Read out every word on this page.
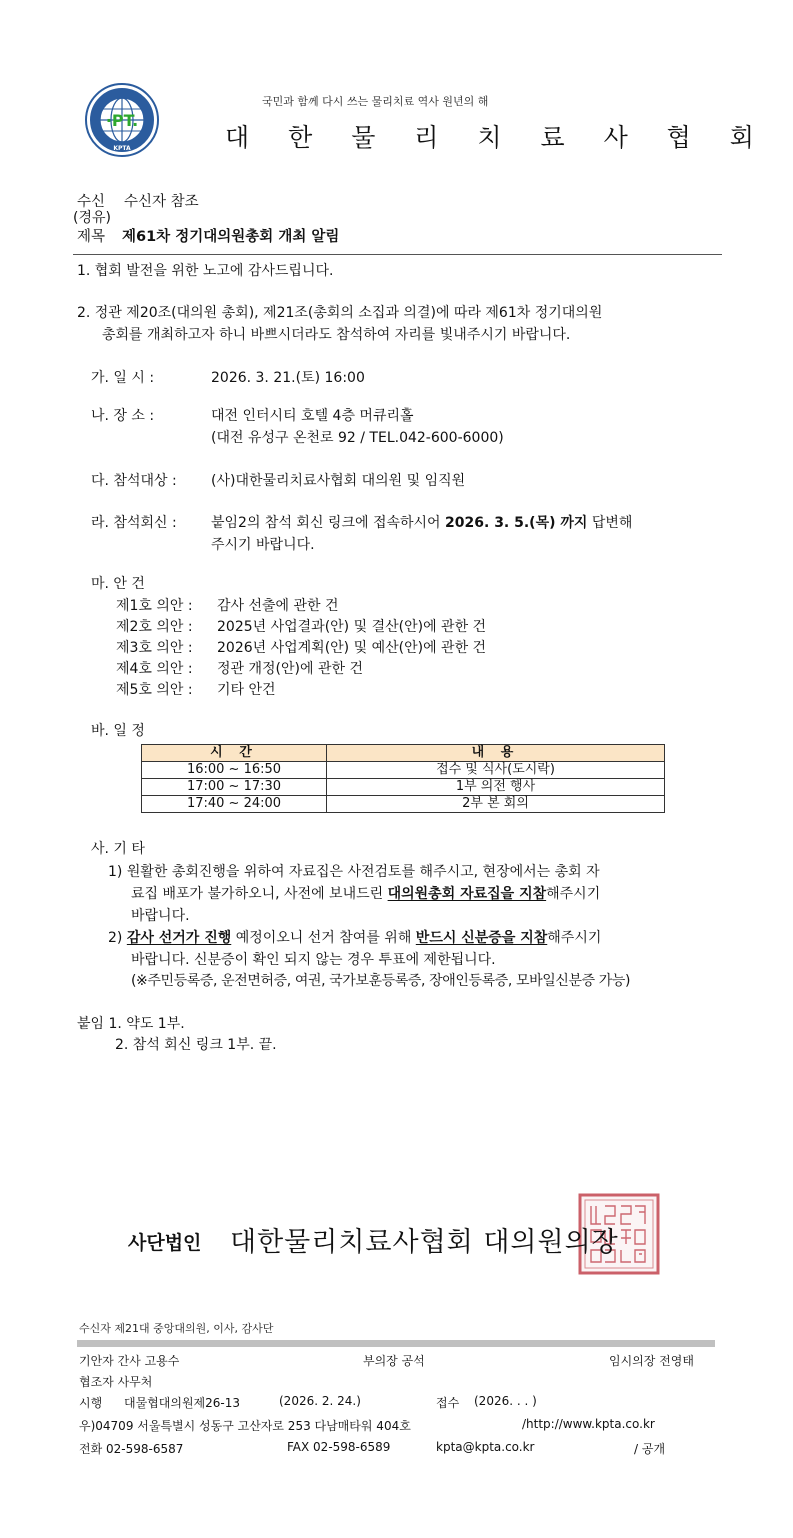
·PT.
KPTA
국민과 함께 다시 쓰는 물리치료 역사 원년의 해
대 한 물 리 치 료 사 협 회
수신 수신자 참조
(경유)
제목 제61차 정기대의원총회 개최 알림
1. 협회 발전을 위한 노고에 감사드립니다.
2. 정관 제20조(대의원 총회), 제21조(총회의 소집과 의결)에 따라 제61차 정기대의원
총회를 개최하고자 하니 바쁘시더라도 참석하여 자리를 빛내주시기 바랍니다.
가. 일 시 :	2026. 3. 21.(토) 16:00
나. 장 소 :	대전 인터시티 호텔 4층 머큐리홀
(대전 유성구 온천로 92 / TEL.042-600-6000)
다. 참석대상 : (사)대한물리치료사협회 대의원 및 임직원
라. 참석회신 : 붙임2의 참석 회신 링크에 접속하시어 2026. 3. 5.(목) 까지 답변해
주시기 바랍니다.
마. 안 건
제1호 의안 : 감사 선출에 관한 건
제2호 의안 : 2025년 사업결과(안) 및 결산(안)에 관한 건
제3호 의안 : 2026년 사업계획(안) 및 예산(안)에 관한 건
제4호 의안 : 정관 개정(안)에 관한 건
제5호 의안 : 기타 안건
바. 일 정
시 간	내 용
16:00 ~ 16:50	접수 및 식사(도시락)
17:00 ~ 17:30	1부 의전 행사
17:40 ~ 24:00	2부 본 회의
사. 기 타
1) 원활한 총회진행을 위하여 자료집은 사전검토를 해주시고, 현장에서는 총회 자
료집 배포가 불가하오니, 사전에 보내드린 대의원총회 자료집을 지참해주시기
바랍니다.
2) 감사 선거가 진행 예정이오니 선거 참여를 위해 반드시 신분증을 지참해주시기
바랍니다. 신분증이 확인 되지 않는 경우 투표에 제한됩니다.
(※주민등록증, 운전면허증, 여권, 국가보훈등록증, 장애인등록증, 모바일신분증 가능)
붙임 1. 약도 1부.
2. 참석 회신 링크 1부. 끝.
사단법인 대한물리치료사협회 대의원의장
수신자 제21대 중앙대의원, 이사, 감사단
기안자 간사 고용수	부의장 공석	임시의장 전영태
협조자 사무처
시행 대물협대의원제26-13	(2026. 2. 24.)	접수 (2026. . . )
우)04709 서울특별시 성동구 고산자로 253 다남매타워 404호	/http://www.kpta.co.kr
전화 02-598-6587	FAX 02-598-6589	kpta@kpta.co.kr	/ 공개
